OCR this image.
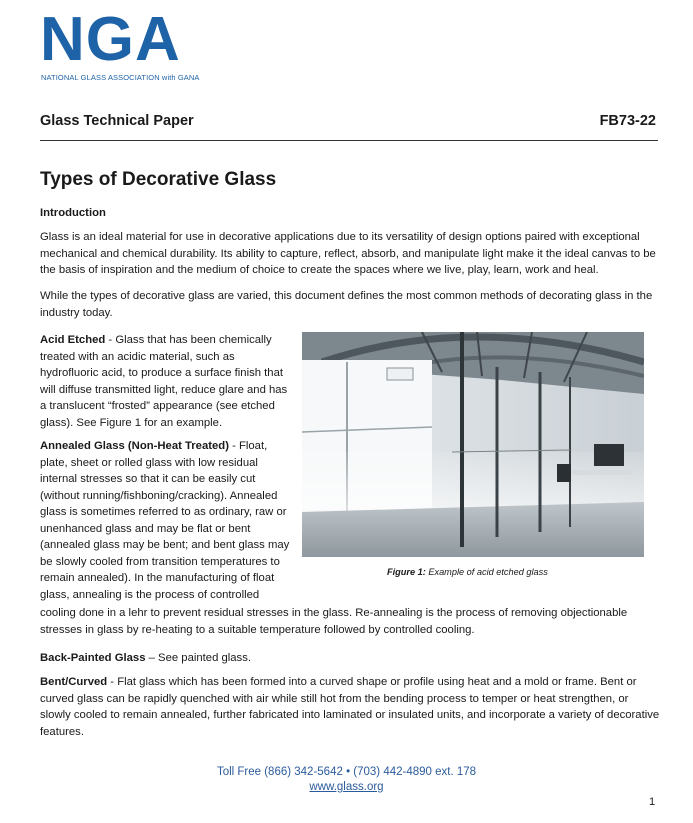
NGA
NATIONAL GLASS ASSOCIATION with GANA
Glass Technical Paper	FB73-22
Types of Decorative Glass
Introduction

Glass is an ideal material for use in decorative applications due to its versatility of design options paired with exceptional mechanical and chemical durability. Its ability to capture, reflect, absorb, and manipulate light make it the ideal canvas to be the basis of inspiration and the medium of choice to create the spaces where we live, play, learn, work and heal.

While the types of decorative glass are varied, this document defines the most common methods of decorating glass in the industry today.

Acid Etched - Glass that has been chemically treated with an acidic material, such as hydrofluoric acid, to produce a surface finish that will diffuse transmitted light, reduce glare and has a translucent “frosted” appearance (see etched glass). See Figure 1 for an example.

Annealed Glass (Non-Heat Treated) - Float, plate, sheet or rolled glass with low residual internal stresses so that it can be easily cut (without running/fishboning/cracking). Annealed glass is sometimes referred to as ordinary, raw or unenhanced glass and may be flat or bent (annealed glass may be bent; and bent glass may be slowly cooled from transition temperatures to remain annealed). In the manufacturing of float glass, annealing is the process of controlled

cooling done in a lehr to prevent residual stresses in the glass. Re-annealing is the process of removing objectionable stresses in glass by re-heating to a suitable temperature followed by controlled cooling.

Figure 1: Example of acid etched glass

Back-Painted Glass – See painted glass.

Bent/Curved - Flat glass which has been formed into a curved shape or profile using heat and a mold or frame. Bent or curved glass can be rapidly quenched with air while still hot from the bending process to temper or heat strengthen, or slowly cooled to remain annealed, further fabricated into laminated or insulated units, and incorporate a variety of decorative features.

Toll Free (866) 342-5642 • (703) 442-4890 ext. 178
www.glass.org
1
